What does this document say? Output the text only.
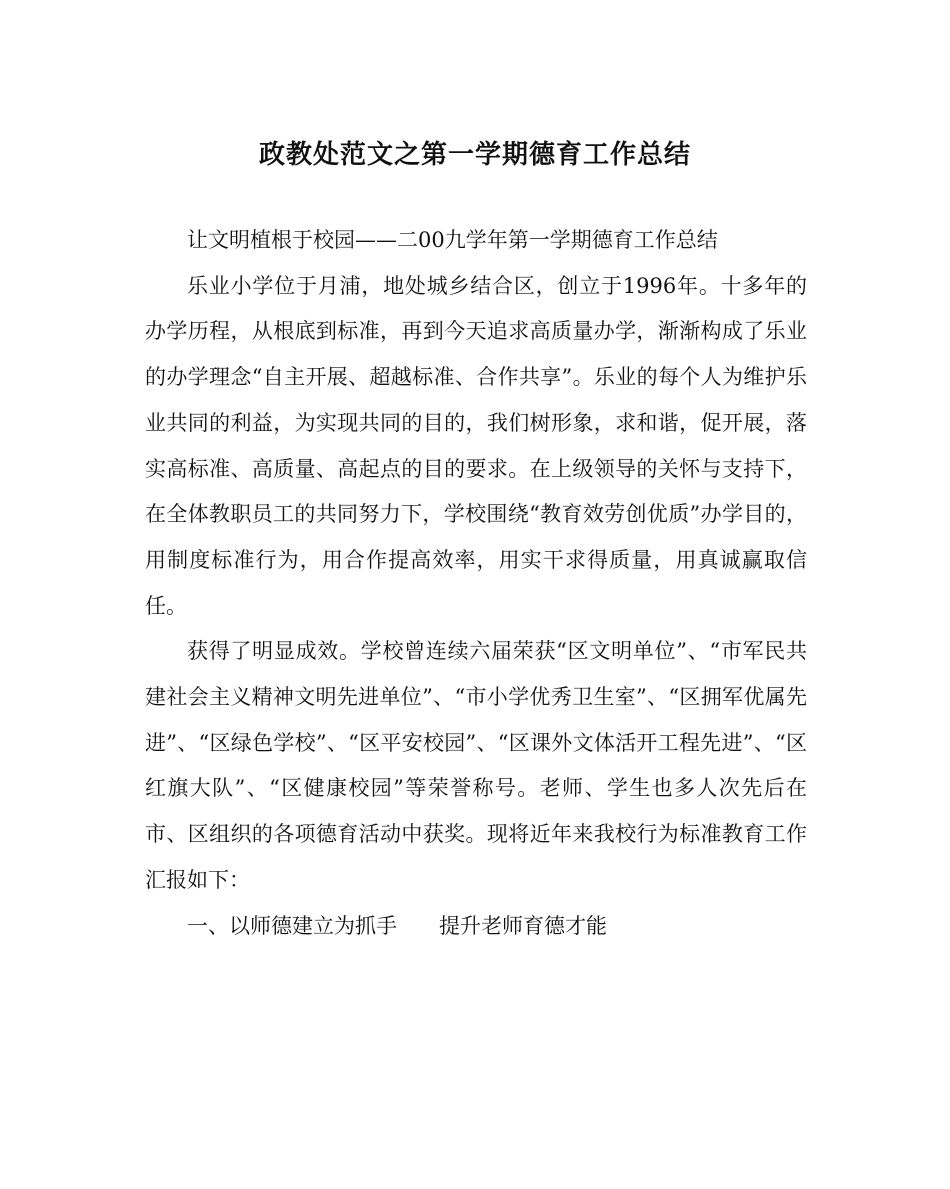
政教处范文之第一学期德育工作总结

让文明植根于校园——二00九学年第一学期德育工作总结

乐业小学位于月浦，地处城乡结合区，创立于1996年。十多年的办学历程，从根底到标准，再到今天追求高质量办学，渐渐构成了乐业的办学理念“自主开展、超越标准、合作共享”。乐业的每个人为维护乐业共同的利益，为实现共同的目的，我们树形象，求和谐，促开展，落实高标准、高质量、高起点的目的要求。在上级领导的关怀与支持下，在全体教职员工的共同努力下，学校围绕“教育效劳创优质”办学目的，用制度标准行为，用合作提高效率，用实干求得质量，用真诚赢取信任。

获得了明显成效。学校曾连续六届荣获“区文明单位”、“市军民共建社会主义精神文明先进单位”、“市小学优秀卫生室”、“区拥军优属先进”、“区绿色学校”、“区平安校园”、“区课外文体活开工程先进”、“区红旗大队”、“区健康校园”等荣誉称号。老师、学生也多人次先后在市、区组织的各项德育活动中获奖。现将近年来我校行为标准教育工作汇报如下：

一、以师德建立为抓手　　提升老师育德才能
